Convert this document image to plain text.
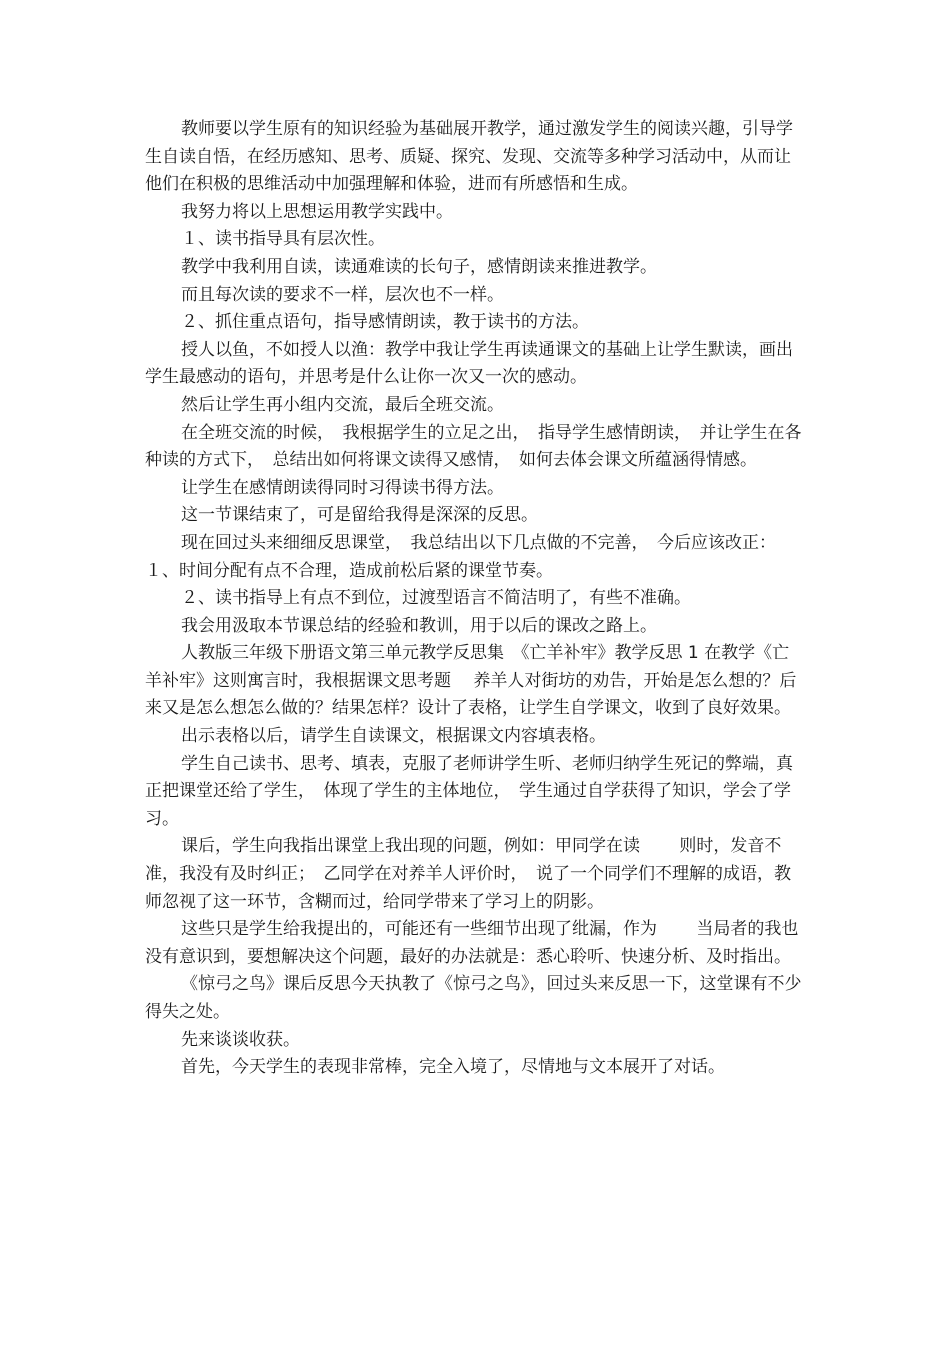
教师要以学生原有的知识经验为基础展开教学，通过激发学生的阅读兴趣，引导学生自读自悟，在经历感知、思考、质疑、探究、发现、交流等多种学习活动中，从而让他们在积极的思维活动中加强理解和体验，进而有所感悟和生成。

我努力将以上思想运用教学实践中。

１、读书指导具有层次性。

教学中我利用自读，读通难读的长句子，感情朗读来推进教学。

而且每次读的要求不一样，层次也不一样。

２、抓住重点语句，指导感情朗读，教于读书的方法。

授人以鱼，不如授人以渔：教学中我让学生再读通课文的基础上让学生默读，画出学生最感动的语句，并思考是什么让你一次又一次的感动。

然后让学生再小组内交流，最后全班交流。

在全班交流的时候，　我根据学生的立足之出，　指导学生感情朗读，　并让学生在各种读的方式下，　总结出如何将课文读得又感情，　如何去体会课文所蕴涵得情感。

让学生在感情朗读得同时习得读书得方法。

这一节课结束了，可是留给我得是深深的反思。

现在回过头来细细反思课堂，　我总结出以下几点做的不完善，　今后应该改正：１、时间分配有点不合理，造成前松后紧的课堂节奏。

２、读书指导上有点不到位，过渡型语言不简洁明了，有些不准确。

我会用汲取本节课总结的经验和教训，用于以后的课改之路上。

人教版三年级下册语文第三单元教学反思集　《亡羊补牢》教学反思 1 在教学《亡羊补牢》这则寓言时，我根据课文思考题　 养羊人对街坊的劝告，开始是怎么想的？后来又是怎么想怎么做的？结果怎样？设计了表格，让学生自学课文，收到了良好效果。

出示表格以后，请学生自读课文，根据课文内容填表格。

学生自己读书、思考、填表，克服了老师讲学生听、老师归纳学生死记的弊端，真正把课堂还给了学生，　体现了学生的主体地位，　学生通过自学获得了知识，学会了学习。

课后，学生向我指出课堂上我出现的问题，例如：甲同学在读　　 则时，发音不准，我没有及时纠正；　乙同学在对养羊人评价时，　说了一个同学们不理解的成语，教师忽视了这一环节，含糊而过，给同学带来了学习上的阴影。

这些只是学生给我提出的，可能还有一些细节出现了纰漏，作为　　 当局者的我也没有意识到，要想解决这个问题，最好的办法就是：悉心聆听、快速分析、及时指出。

《惊弓之鸟》课后反思今天执教了《惊弓之鸟》，回过头来反思一下，这堂课有不少得失之处。

先来谈谈收获。

首先，今天学生的表现非常棒，完全入境了，尽情地与文本展开了对话。
